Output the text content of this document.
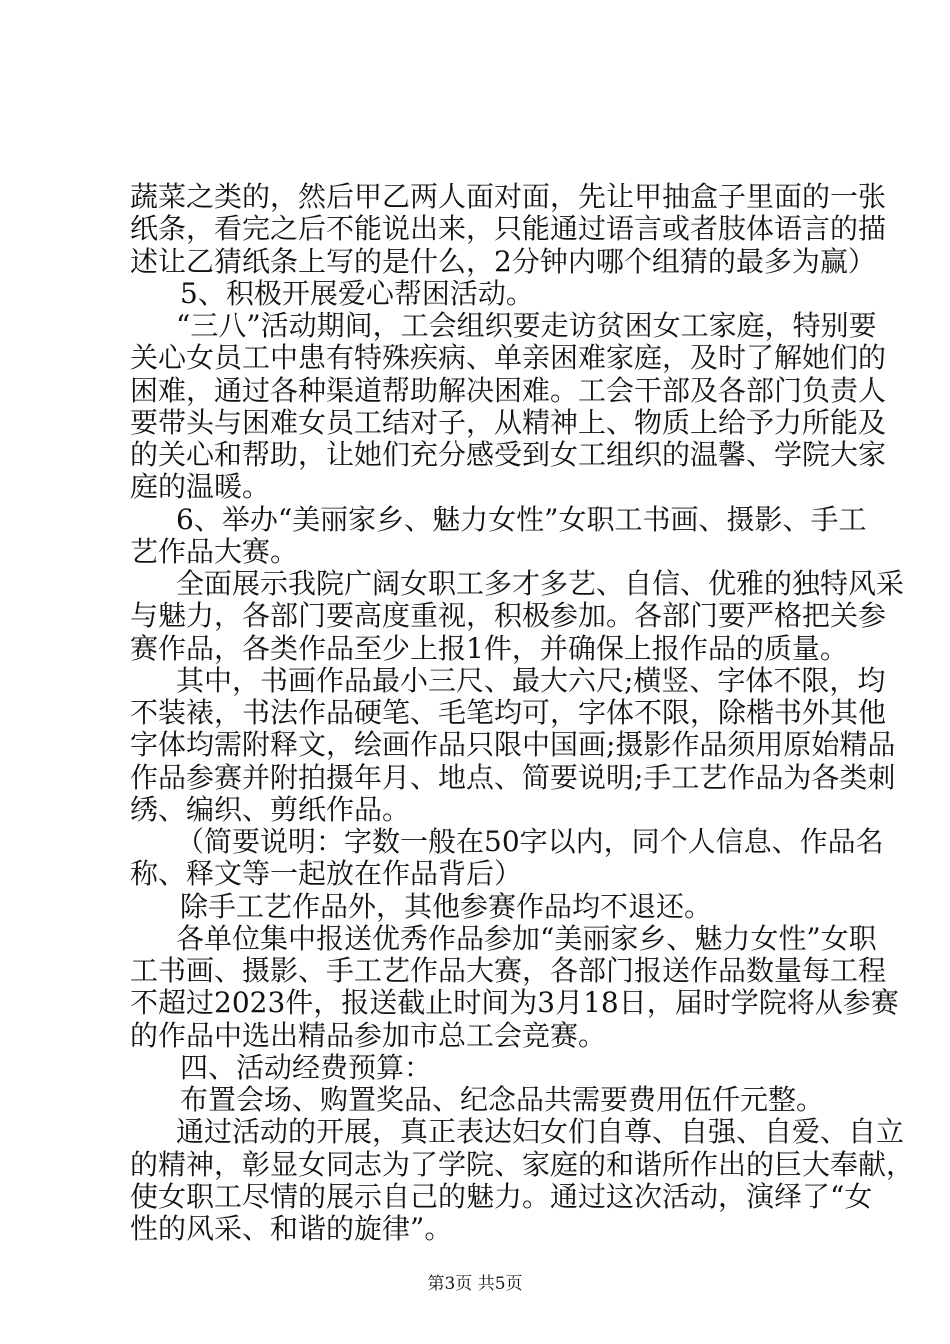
蔬菜之类的，然后甲乙两人面对面，先让甲抽盒子里面的一张
纸条，看完之后不能说出来，只能通过语言或者肢体语言的描
述让乙猜纸条上写的是什么，2分钟内哪个组猜的最多为赢）
5、积极开展爱心帮困活动。
“三八”活动期间，工会组织要走访贫困女工家庭，特别要
关心女员工中患有特殊疾病、单亲困难家庭，及时了解她们的
困难，通过各种渠道帮助解决困难。工会干部及各部门负责人
要带头与困难女员工结对子，从精神上、物质上给予力所能及
的关心和帮助，让她们充分感受到女工组织的温馨、学院大家
庭的温暖。
6、举办“美丽家乡、魅力女性”女职工书画、摄影、手工
艺作品大赛。
全面展示我院广阔女职工多才多艺、自信、优雅的独特风采
与魅力，各部门要高度重视，积极参加。各部门要严格把关参
赛作品，各类作品至少上报1件，并确保上报作品的质量。
其中，书画作品最小三尺、最大六尺;横竖、字体不限，均
不装裱，书法作品硬笔、毛笔均可，字体不限，除楷书外其他
字体均需附释文，绘画作品只限中国画;摄影作品须用原始精品
作品参赛并附拍摄年月、地点、简要说明;手工艺作品为各类刺
绣、编织、剪纸作品。
（简要说明：字数一般在50字以内，同个人信息、作品名
称、释文等一起放在作品背后）
除手工艺作品外，其他参赛作品均不退还。
各单位集中报送优秀作品参加“美丽家乡、魅力女性”女职
工书画、摄影、手工艺作品大赛，各部门报送作品数量每工程
不超过2023件，报送截止时间为3月18日，届时学院将从参赛
的作品中选出精品参加市总工会竞赛。
四、活动经费预算：
布置会场、购置奖品、纪念品共需要费用伍仟元整。
通过活动的开展，真正表达妇女们自尊、自强、自爱、自立
的精神，彰显女同志为了学院、家庭的和谐所作出的巨大奉献，
使女职工尽情的展示自己的魅力。通过这次活动，演绎了“女
性的风采、和谐的旋律”。
第3页 共5页
